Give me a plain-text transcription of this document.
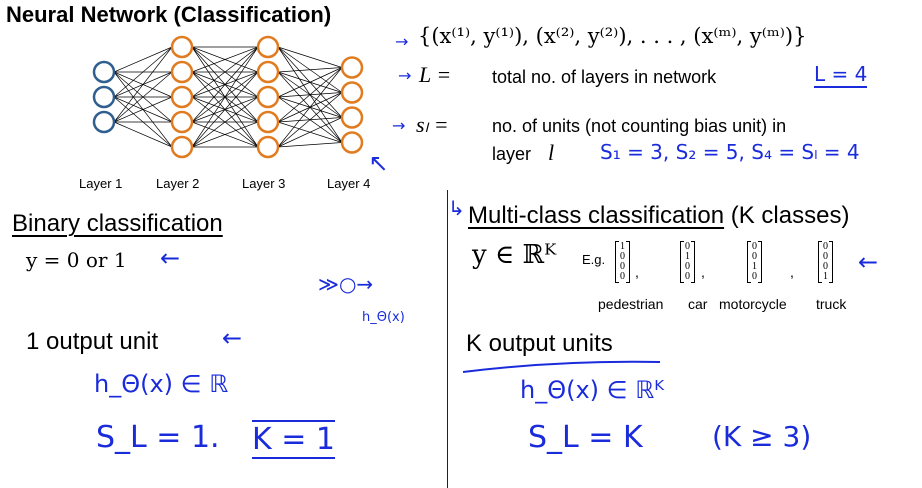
Neural Network (Classification)
Layer 1	Layer 2	Layer 3	Layer 4
→ {(x⁽¹⁾, y⁽¹⁾), (x⁽²⁾, y⁽²⁾), . . . , (x⁽ᵐ⁾, y⁽ᵐ⁾)}
→ L = total no. of layers in network	L = 4
→ sₗ = no. of units (not counting bias unit) in
layer l S₁ = 3, S₂ = 5, S₄ = Sₗ = 4
→
Binary classification
y = 0 or 1 ←
≫○→
h_Θ(x)
1 output unit	←
h_Θ(x) ∈ ℝ
S_L = 1. K = 1
↳ Multi-class classification (K classes)
y ∈ ℝᴷ E.g.
1
0
0
0 ,
0
1
0
0 ,
0
0
1
0 ,
0
0
0
1
←
pedestrian car motorcycle truck
K output units
h_Θ(x) ∈ ℝᴷ
S_L = K (K ≥ 3)
